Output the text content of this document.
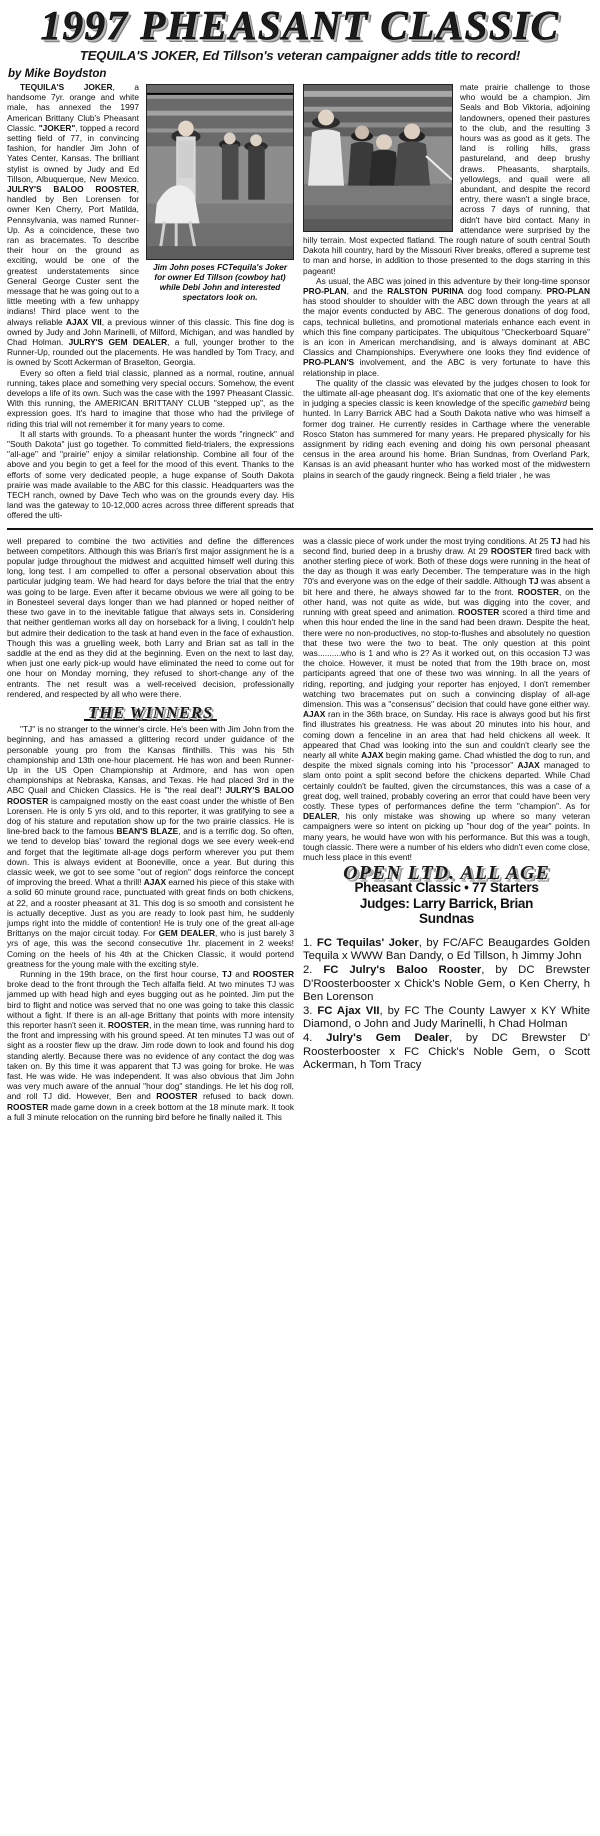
1997 PHEASANT CLASSIC
TEQUILA'S JOKER, Ed Tillson's veteran campaigner adds title to record!
by Mike Boydston
Jim John poses FCTequila's Joker for owner Ed Tillson (cowboy hat) while Debi John and interested spectators look on.

TEQUILA'S JOKER, a handsome 7yr. orange and white male, has annexed the 1997 American Brittany Club's Pheasant Classic. "JOKER", topped a record setting field of 77, in convincing fashion, for handler Jim John of Yates Center, Kansas. The brilliant stylist is owned by Judy and Ed Tillson, Albuquerque, New Mexico. JULRY'S BALOO ROOSTER, handled by Ben Lorensen for owner Ken Cherry, Port Matilda, Pennsylvania, was named Runner-Up. As a coincidence, these two ran as bracemates. To describe their hour on the ground as exciting, would be one of the greatest understatements since General George Custer sent the message that he was going out to a little meeting with a few unhappy indians! Third place went to the always reliable AJAX VII, a previous winner of this classic. This fine dog is owned by Judy and John Marinelli, of Milford, Michigan, and was handled by Chad Holman. JULRY'S GEM DEALER, a full, younger brother to the Runner-Up, rounded out the placements. He was handled by Tom Tracy, and is owned by Scott Ackerman of Braselton, Georgia.

Every so often a field trial classic, planned as a normal, routine, annual running, takes place and something very special occurs. Somehow, the event develops a life of its own. Such was the case with the 1997 Pheasant Classic. With this running, the AMERICAN BRITTANY CLUB "stepped up", as the expression goes. It's hard to imagine that those who had the privilege of riding this trial will not remember it for many years to come.

It all starts with grounds. To a pheasant hunter the words "ringneck" and "South Dakota" just go together. To committed field-trialers, the expressions "all-age" and "prairie" enjoy a similar relationship. Combine all four of the above and you begin to get a feel for the mood of this event. Thanks to the efforts of some very dedicated people, a huge expanse of South Dakota prairie was made available to the ABC for this classic. Headquarters was the TECH ranch, owned by Dave Tech who was on the grounds every day. His land was the gateway to 10-12,000 acres across three different spreads that offered the ulti-

mate prairie challenge to those who would be a champion. Jim Seals and Bob Viktoria, adjoining landowners, opened their pastures to the club, and the resulting 3 hours was as good as it gets. The land is rolling hills, grass pastureland, and deep brushy draws. Pheasants, sharptails, yellowlegs, and quail were all abundant, and despite the record entry, there wasn't a single brace, across 7 days of running, that didn't have bird contact. Many in attendance were surprised by the hilly terrain. Most expected flatland. The rough nature of south central South Dakota hill country, hard by the Missouri River breaks, offered a supreme test to man and horse, in addition to those presented to the dogs starring in this pageant!

As usual, the ABC was joined in this adventure by their long-time sponsor PRO-PLAN, and the RALSTON PURINA dog food company. PRO-PLAN has stood shoulder to shoulder with the ABC down through the years at all the major events conducted by ABC. The generous donations of dog food, caps, technical bulletins, and promotional materials enhance each event in which this fine company participates. The ubiquitous "Checkerboard Square" is an icon in American merchandising, and is always dominant at ABC Classics and Championships. Everywhere one looks they find evidence of PRO-PLAN'S involvement, and the ABC is very fortunate to have this relationship in place.

The quality of the classic was elevated by the judges chosen to look for the ultimate all-age pheasant dog. It's axiomatic that one of the key elements in judging a species classic is keen knowledge of the specific gamebird being hunted. In Larry Barrick ABC had a South Dakota native who was himself a former dog trainer. He currently resides in Carthage where the venerable Rosco Staton has summered for many years. He prepared physically for his assignment by riding each evening and doing his own personal pheasant census in the area around his home. Brian Sundnas, from Overland Park, Kansas is an avid pheasant hunter who has worked most of the midwestern plains in search of the gaudy ringneck. Being a field trialer , he was

well prepared to combine the two activities and define the differences between competitors. Although this was Brian's first major assignment he is a popular judge throughout the midwest and acquitted himself well during this long, long test. I am compelled to offer a personal observation about this particular judging team. We had heard for days before the trial that the entry was going to be large. Even after it became obvious we were all going to be in Bonesteel several days longer than we had planned or hoped neither of these two gave in to the inevitable fatigue that always sets in. Considering that neither gentleman works all day on horseback for a living, I couldn't help but admire their dedication to the task at hand even in the face of exhaustion. Though this was a gruelling week, both Larry and Brian sat as tall in the saddle at the end as they did at the beginning. Even on the next to last day, when just one early pick-up would have eliminated the need to come out for one hour on Monday morning, they refused to short-change any of the entrants. The net result was a well-received decision, professionally rendered, and respected by all who were there.

THE WINNERS

"TJ" is no stranger to the winner's circle. He's been with Jim John from the beginning, and has amassed a glittering record under guidance of the personable young pro from the Kansas flinthills. This was his 5th championship and 13th one-hour placement. He has won and been Runner-Up in the US Open Championship at Ardmore, and has won open championships at Nebraska, Kansas, and Texas. He had placed 3rd in the ABC Quail and Chicken Classics. He is "the real deal"! JULRY'S BALOO ROOSTER is campaigned mostly on the east coast under the whistle of Ben Lorensen. He is only 5 yrs old, and to this reporter, it was gratifying to see a dog of his stature and reputation show up for the two prairie classics. He is line-bred back to the famous BEAN'S BLAZE, and is a terrific dog. So often, we tend to develop bias' toward the regional dogs we see every week-end and forget that the legitimate all-age dogs perform wherever you put them down. This is always evident at Booneville, once a year. But during this classic week, we got to see some "out of region" dogs reinforce the concept of improving the breed. What a thrill! AJAX earned his piece of this stake with a solid 60 minute ground race, punctuated with great finds on both chickens, at 22, and a rooster pheasant at 31. This dog is so smooth and consistent he is actually deceptive. Just as you are ready to look past him, he suddenly jumps right into the middle of contention! He is truly one of the great all-age Brittanys on the major circuit today. For GEM DEALER, who is just barely 3 yrs of age, this was the second consecutive 1hr. placement in 2 weeks! Coming on the heels of his 4th at the Chicken Classic, it would portend greatness for the young male with the exciting style.

Running in the 19th brace, on the first hour course, TJ and ROOSTER broke dead to the front through the Tech alfalfa field. At two minutes TJ was jammed up with head high and eyes bugging out as he pointed. Jim put the bird to flight and notice was served that no one was going to take this classic without a fight. If there is an all-age Brittany that points with more intensity this reporter hasn't seen it. ROOSTER, in the mean time, was running hard to the front and impressing with his ground speed. At ten minutes TJ was out of sight as a rooster flew up the draw. Jim rode down to look and found his dog standing alertly. Because there was no evidence of any contact the dog was taken on. By this time it was apparent that TJ was going for broke. He was fast. He was wide. He was independent. It was also obvious that Jim John was very much aware of the annual "hour dog" standings. He let his dog roll, and roll TJ did. However, Ben and ROOSTER refused to back down. ROOSTER made game down in a creek bottom at the 18 minute mark. It took a full 3 minute relocation on the running bird before he finally nailed it. This

was a classic piece of work under the most trying conditions. At 25 TJ had his second find, buried deep in a brushy draw. At 29 ROOSTER fired back with another sterling piece of work. Both of these dogs were running in the heat of the day as though it was early December. The temperature was in the high 70's and everyone was on the edge of their saddle. Although TJ was absent a bit here and there, he always showed far to the front. ROOSTER, on the other hand, was not quite as wide, but was digging into the cover, and running with great speed and animation. ROOSTER scored a third time and when this hour ended the line in the sand had been drawn. Despite the heat, there were no non-productives, no stop-to-flushes and absolutely no question that these two were the two to beat. The only question at this point was..........who is 1 and who is 2? As it worked out, on this occasion TJ was the choice. However, it must be noted that from the 19th brace on, most participants agreed that one of these two was winning. In all the years of riding, reporting, and judging your reporter has enjoyed, I don't remember watching two bracemates put on such a convincing display of all-age dimension. This was a "consensus" decision that could have gone either way. AJAX ran in the 36th brace, on Sunday. His race is always good but his first find illustrates his greatness. He was about 20 minutes into his hour, and coming down a fenceline in an area that had held chickens all week. It appeared that Chad was looking into the sun and couldn't clearly see the nearly all white AJAX begin making game. Chad whistled the dog to run, and despite the mixed signals coming into his "processor" AJAX managed to slam onto point a split second before the chickens departed. While Chad certainly couldn't be faulted, given the circumstances, this was a case of a great dog, well trained, probably covering an error that could have been very costly. These types of performances define the term "champion". As for DEALER, his only mistake was showing up where so many veteran campaigners were so intent on picking up "hour dog of the year" points. In many years, he would have won with his performance. But this was a tough, tough classic. There were a number of his elders who didn't even come close, much less place in this event!

OPEN LTD. ALL AGE
Pheasant Classic • 77 Starters
Judges: Larry Barrick, Brian
Sundnas
1. FC Tequilas' Joker, by FC/AFC Beaugardes Golden Tequila x WWW Ban Dandy, o Ed Tillson, h Jimmy John
2. FC Julry's Baloo Rooster, by DC Brewster D'Roosterbooster x Chick's Noble Gem, o Ken Cherry, h Ben Lorenson
3. FC Ajax VII, by FC The County Lawyer x KY White Diamond, o John and Judy Marinelli, h Chad Holman
4. Julry's Gem Dealer, by DC Brewster D' Roosterbooster x FC Chick's Noble Gem, o Scott Ackerman, h Tom Tracy
